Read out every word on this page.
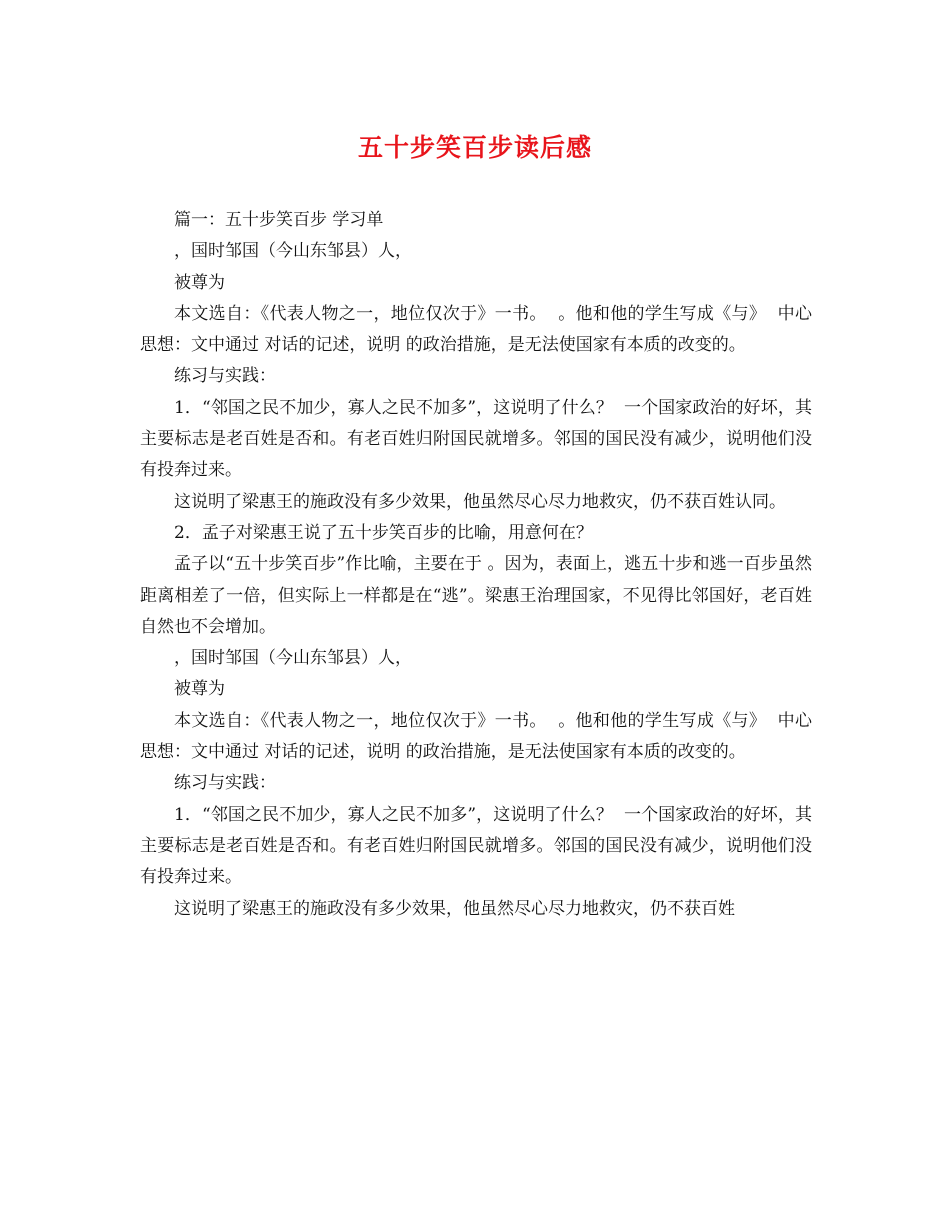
五十步笑百步读后感

篇一：五十步笑百步 学习单

，国时邹国（今山东邹县）人，

被尊为

本文选自：《代表人物之一，地位仅次于》一书。  。他和他的学生写成《与》  中心思想：文中通过 对话的记述，说明 的政治措施，是无法使国家有本质的改变的。

练习与实践：

1．“邻国之民不加少，寡人之民不加多”，这说明了什么？  一个国家政治的好坏，其主要标志是老百姓是否和。有老百姓归附国民就增多。邻国的国民没有减少，说明他们没有投奔过来。

这说明了梁惠王的施政没有多少效果，他虽然尽心尽力地救灾，仍不获百姓认同。

2．孟子对梁惠王说了五十步笑百步的比喻，用意何在？

孟子以“五十步笑百步”作比喻，主要在于 。因为，表面上，逃五十步和逃一百步虽然距离相差了一倍，但实际上一样都是在“逃”。梁惠王治理国家，不见得比邻国好，老百姓自然也不会增加。

，国时邹国（今山东邹县）人，

被尊为

本文选自：《代表人物之一，地位仅次于》一书。  。他和他的学生写成《与》  中心思想：文中通过 对话的记述，说明 的政治措施，是无法使国家有本质的改变的。

练习与实践：

1．“邻国之民不加少，寡人之民不加多”，这说明了什么？  一个国家政治的好坏，其主要标志是老百姓是否和。有老百姓归附国民就增多。邻国的国民没有减少，说明他们没有投奔过来。

这说明了梁惠王的施政没有多少效果，他虽然尽心尽力地救灾，仍不获百姓
